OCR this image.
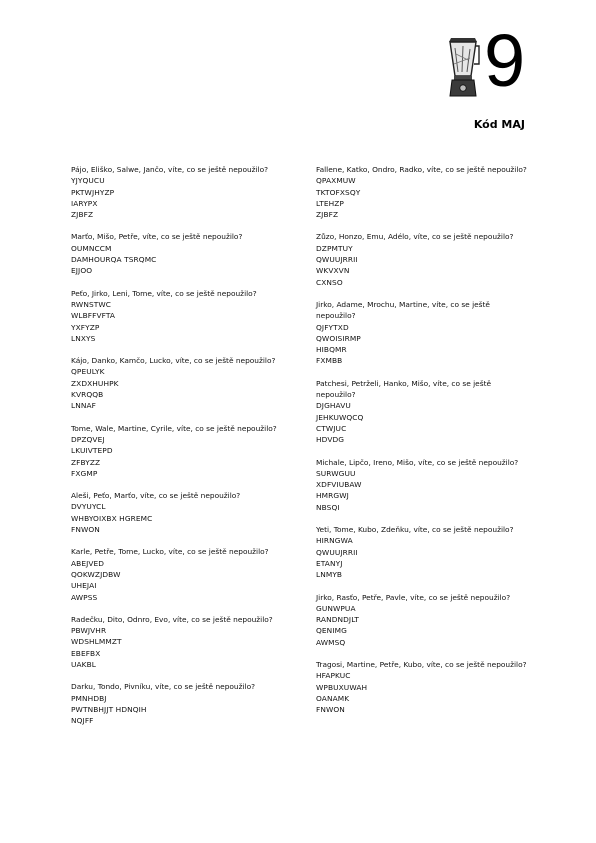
9
Kód MAJ
Pájo, Eliško, Salwe, Jančo, víte, co se ještě nepoužilo?
YJYQUCU
PKTWJHYZP
IARYPX
ZJBFZ
Marťo, Mišo, Petře, víte, co se ještě nepoužilo?
OUMNCCM
DAMHOURQA TSRQMC
EJJOO
Peťo, Jirko, Leni, Tome, víte, co se ještě nepoužilo?
RWNSTWC
WLBFFVFTA
YXFYZP
LNXYS
Kájo, Danko, Kamčo, Lucko, víte, co se ještě nepoužilo?
QPEULYK
ZXDXHUHPK
KVRQQB
LNNAF
Tome, Wale, Martine, Cyrile, víte, co se ještě nepoužilo?
DPZQVEJ
LKUIVTEPD
ZFBYZZ
FXGMP
Aleši, Peťo, Marťo, víte, co se ještě nepoužilo?
DVYUYCL
WHBYOIXBX HGREMC
FNWON
Karle, Petře, Tome, Lucko, víte, co se ještě nepoužilo?
ABEJVED
QOKWZJDBW
UHEJAI
AWPSS
Radečku, Dito, Odnro, Evo, víte, co se ještě nepoužilo?
PBWJVHR
WDSHLMMZT
EBEFBX
UAKBL
Darku, Tondo, Pivníku, víte, co se ještě nepoužilo?
PMNHDBJ
PWTNBHJJT HDNQIH
NQJFF
Fallene, Katko, Ondro, Radko, víte, co se ještě nepoužilo?
QPAXMUW
TKTOFXSQY
LTEHZP
ZJBFZ
Zůzo, Honzo, Emu, Adélo, víte, co se ještě nepoužilo?
DZPMTUY
QWUUJRRII
WKVXVN
CXNSO
Jirko, Adame, Mrochu, Martine, víte, co se ještě nepoužilo?
QJFYTXD
QWOISIRMP
HIBQMR
FXMBB
Patchesi, Petrželi, Hanko, Mišo, víte, co se ještě nepoužilo?
DJGHAVU
JEHKUWQCQ
CTWJUC
HDVDG
Michale, Lipčo, Ireno, Mišo, víte, co se ještě nepoužilo?
SURWGUU
XDFVIUBAW
HMRGWJ
NBSQI
Yeti, Tome, Kubo, Zdeňku, víte, co se ještě nepoužilo?
HIRNGWA
QWUUJRRII
ETANYJ
LNMYB
Jirko, Rasťo, Petře, Pavle, víte, co se ještě nepoužilo?
GUNWPUA
RANDNDJLT
QENIMG
AWMSQ
Tragosi, Martine, Petře, Kubo, víte, co se ještě nepoužilo?
HFAPKUC
WPBUXUWAH
OANAMK
FNWON
